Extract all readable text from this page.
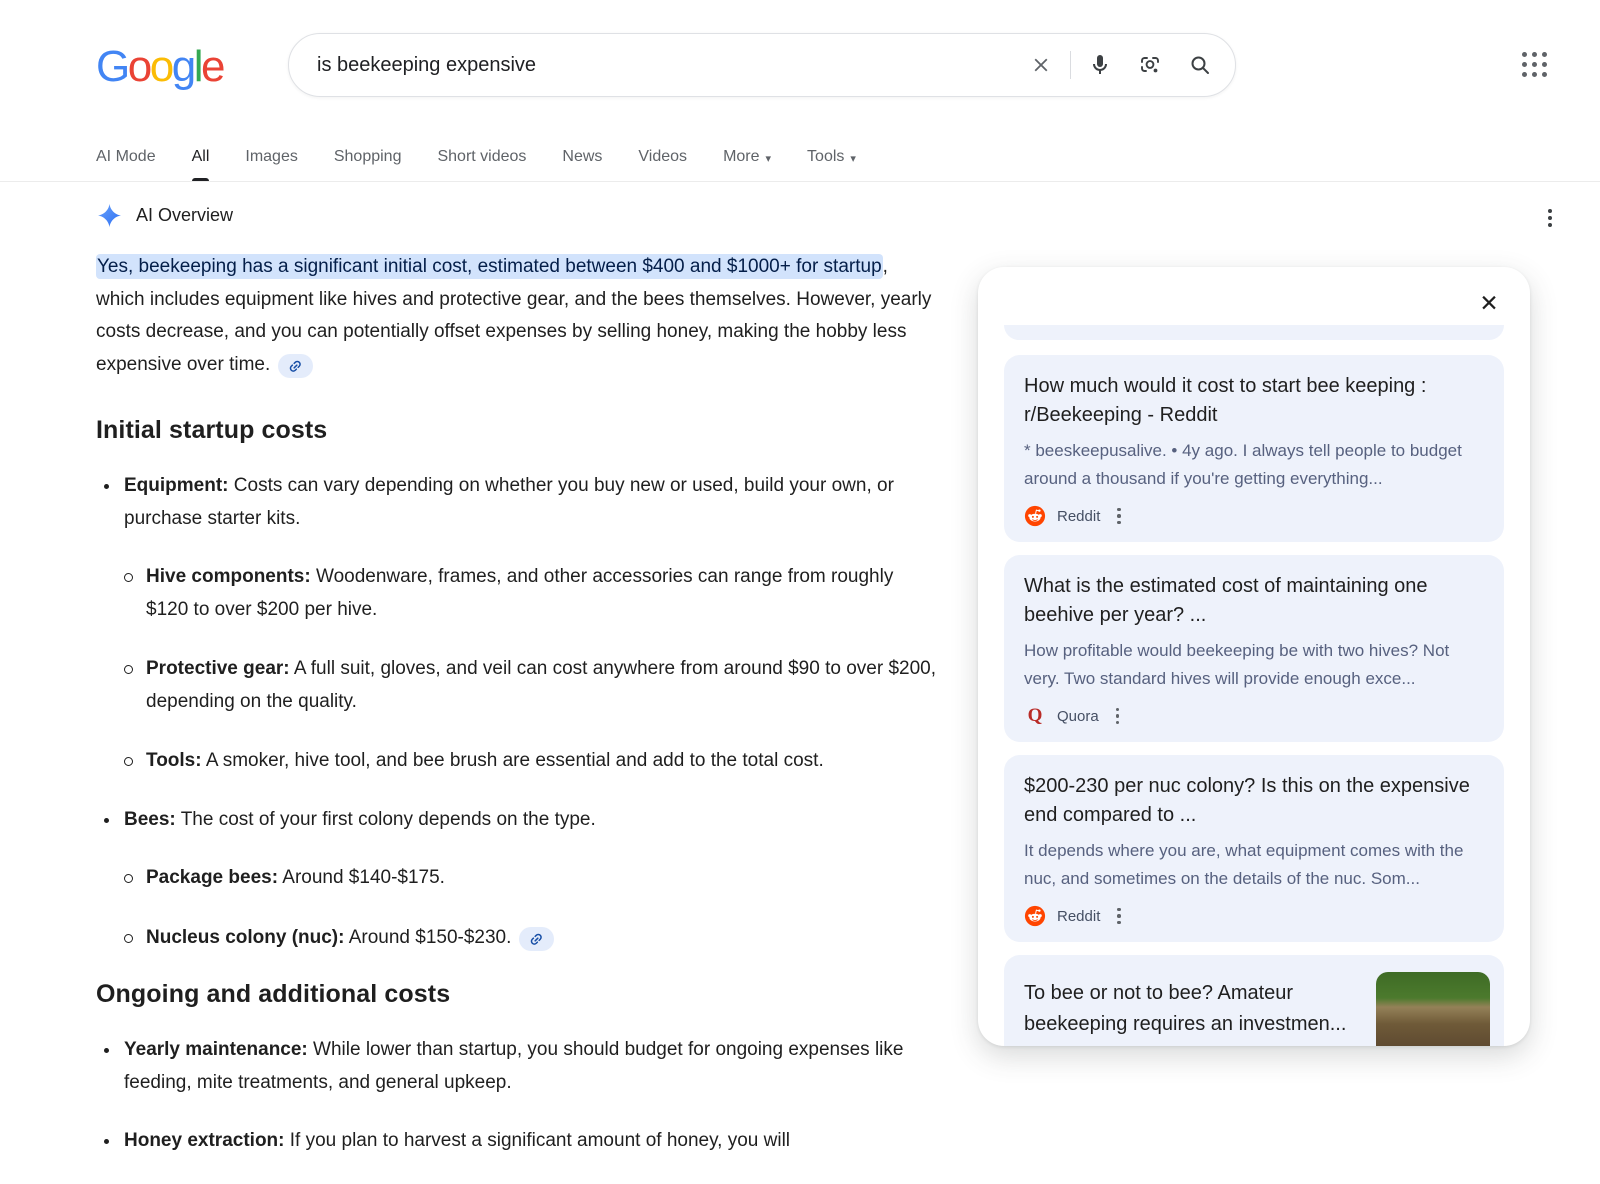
Google
is beekeeping expensive
AI Mode All Images Shopping Short videos News Videos More ▾ Tools ▾
AI Overview

Yes, beekeeping has a significant initial cost, estimated between $400 and $1000+ for startup, which includes equipment like hives and protective gear, and the bees themselves. However, yearly costs decrease, and you can potentially offset expenses by selling honey, making the hobby less expensive over time.

Initial startup costs
Equipment: Costs can vary depending on whether you buy new or used, build your own, or purchase starter kits.
Hive components: Woodenware, frames, and other accessories can range from roughly $120 to over $200 per hive.
Protective gear: A full suit, gloves, and veil can cost anywhere from around $90 to over $200, depending on the quality.
Tools: A smoker, hive tool, and bee brush are essential and add to the total cost.
Bees: The cost of your first colony depends on the type.
Package bees: Around $140-$175.
Nucleus colony (nuc): Around $150-$230.
Ongoing and additional costs
Yearly maintenance: While lower than startup, you should budget for ongoing expenses like feeding, mite treatments, and general upkeep.
Honey extraction: If you plan to harvest a significant amount of honey, you will
✕
How much would it cost to start bee keeping : r/Beekeeping - Reddit
* beeskeepusalive. • 4y ago. I always tell people to budget around a thousand if you're getting everything...
Reddit
What is the estimated cost of maintaining one beehive per year? ...
How profitable would beekeeping be with two hives? Not very. Two standard hives will provide enough exce...
Q Quora
$200-230 per nuc colony? Is this on the expensive end compared to ...
It depends where you are, what equipment comes with the nuc, and sometimes on the details of the nuc. Som...
Reddit
To bee or not to bee? Amateur beekeeping requires an investmen...
